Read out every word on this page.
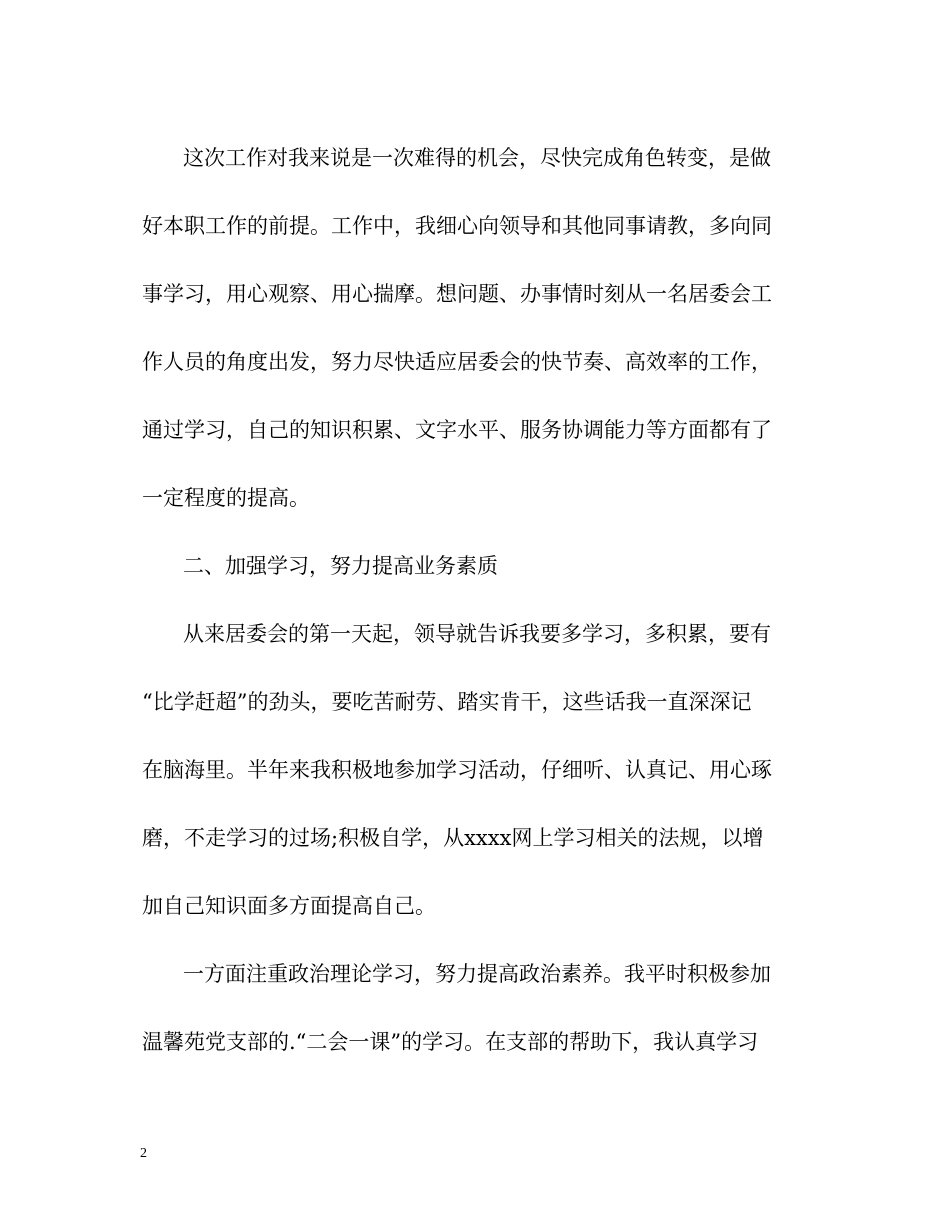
这次工作对我来说是一次难得的机会，尽快完成角色转变，是做
好本职工作的前提。工作中，我细心向领导和其他同事请教，多向同
事学习，用心观察、用心揣摩。想问题、办事情时刻从一名居委会工
作人员的角度出发，努力尽快适应居委会的快节奏、高效率的工作，
通过学习，自己的知识积累、文字水平、服务协调能力等方面都有了
一定程度的提高。
二、加强学习，努力提高业务素质
从来居委会的第一天起，领导就告诉我要多学习，多积累，要有
“比学赶超”的劲头，要吃苦耐劳、踏实肯干，这些话我一直深深记
在脑海里。半年来我积极地参加学习活动，仔细听、认真记、用心琢
磨，不走学习的过场;积极自学，从xxxx网上学习相关的法规，以增
加自己知识面多方面提高自己。
一方面注重政治理论学习，努力提高政治素养。我平时积极参加
温馨苑党支部的.“二会一课”的学习。在支部的帮助下，我认真学习
2
